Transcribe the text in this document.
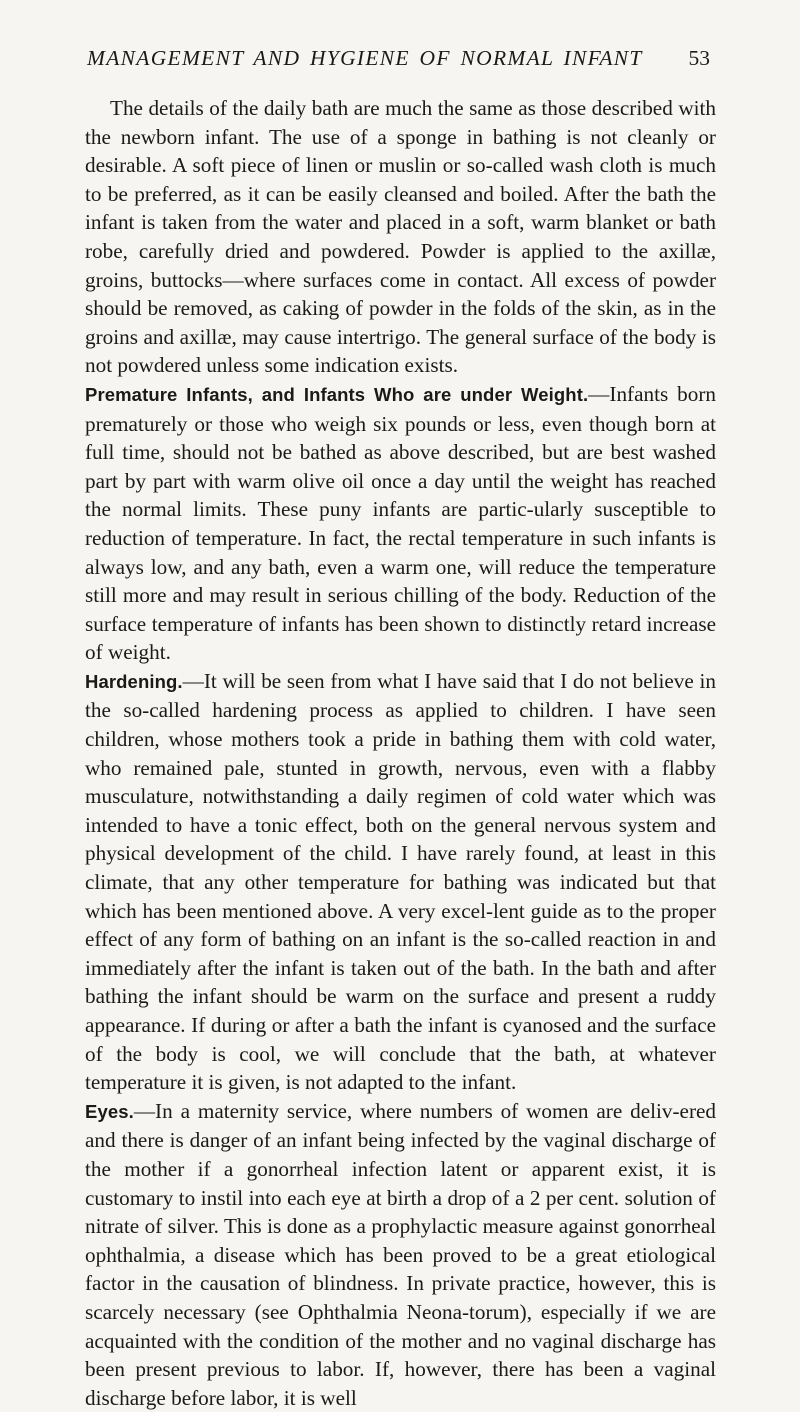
MANAGEMENT AND HYGIENE OF NORMAL INFANT 53

The details of the daily bath are much the same as those described with the newborn infant. The use of a sponge in bathing is not cleanly or desirable. A soft piece of linen or muslin or so-called wash cloth is much to be preferred, as it can be easily cleansed and boiled. After the bath the infant is taken from the water and placed in a soft, warm blanket or bath robe, carefully dried and powdered. Powder is applied to the axillæ, groins, buttocks—where surfaces come in contact. All excess of powder should be removed, as caking of powder in the folds of the skin, as in the groins and axillæ, may cause intertrigo. The general surface of the body is not powdered unless some indication exists.

Premature Infants, and Infants Who are under Weight.—Infants born prematurely or those who weigh six pounds or less, even though born at full time, should not be bathed as above described, but are best washed part by part with warm olive oil once a day until the weight has reached the normal limits. These puny infants are partic-ularly susceptible to reduction of temperature. In fact, the rectal temperature in such infants is always low, and any bath, even a warm one, will reduce the temperature still more and may result in serious chilling of the body. Reduction of the surface temperature of infants has been shown to distinctly retard increase of weight.

Hardening.—It will be seen from what I have said that I do not believe in the so-called hardening process as applied to children. I have seen children, whose mothers took a pride in bathing them with cold water, who remained pale, stunted in growth, nervous, even with a flabby musculature, notwithstanding a daily regimen of cold water which was intended to have a tonic effect, both on the general nervous system and physical development of the child. I have rarely found, at least in this climate, that any other temperature for bathing was indicated but that which has been mentioned above. A very excel-lent guide as to the proper effect of any form of bathing on an infant is the so-called reaction in and immediately after the infant is taken out of the bath. In the bath and after bathing the infant should be warm on the surface and present a ruddy appearance. If during or after a bath the infant is cyanosed and the surface of the body is cool, we will conclude that the bath, at whatever temperature it is given, is not adapted to the infant.

Eyes.—In a maternity service, where numbers of women are deliv-ered and there is danger of an infant being infected by the vaginal discharge of the mother if a gonorrheal infection latent or apparent exist, it is customary to instil into each eye at birth a drop of a 2 per cent. solution of nitrate of silver. This is done as a prophylactic measure against gonorrheal ophthalmia, a disease which has been proved to be a great etiological factor in the causation of blindness. In private practice, however, this is scarcely necessary (see Ophthalmia Neona-torum), especially if we are acquainted with the condition of the mother and no vaginal discharge has been present previous to labor. If, however, there has been a vaginal discharge before labor, it is well
